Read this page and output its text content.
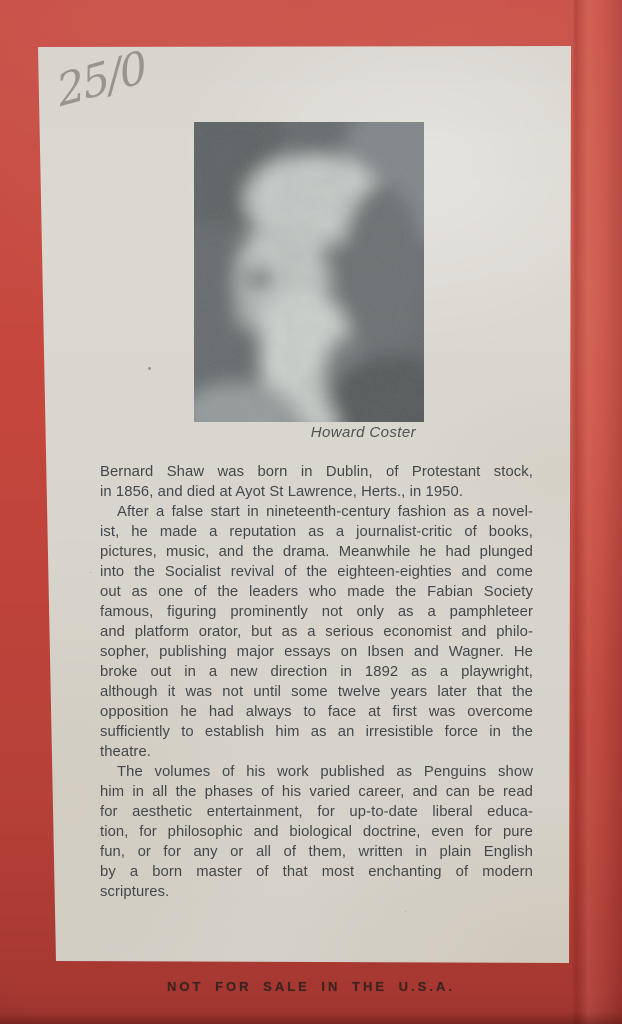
25/0
Howard Coster
Bernard Shaw was born in Dublin, of Protestant stock,
in 1856, and died at Ayot St Lawrence, Herts., in 1950.
After a false start in nineteenth-century fashion as a novel-
ist, he made a reputation as a journalist-critic of books,
pictures, music, and the drama. Meanwhile he had plunged
into the Socialist revival of the eighteen-eighties and come
out as one of the leaders who made the Fabian Society
famous, figuring prominently not only as a pamphleteer
and platform orator, but as a serious economist and philo-
sopher, publishing major essays on Ibsen and Wagner. He
broke out in a new direction in 1892 as a playwright,
although it was not until some twelve years later that the
opposition he had always to face at first was overcome
sufficiently to establish him as an irresistible force in the
theatre.
The volumes of his work published as Penguins show
him in all the phases of his varied career, and can be read
for aesthetic entertainment, for up-to-date liberal educa-
tion, for philosophic and biological doctrine, even for pure
fun, or for any or all of them, written in plain English
by a born master of that most enchanting of modern
scriptures.
NOT FOR SALE IN THE U.S.A.
